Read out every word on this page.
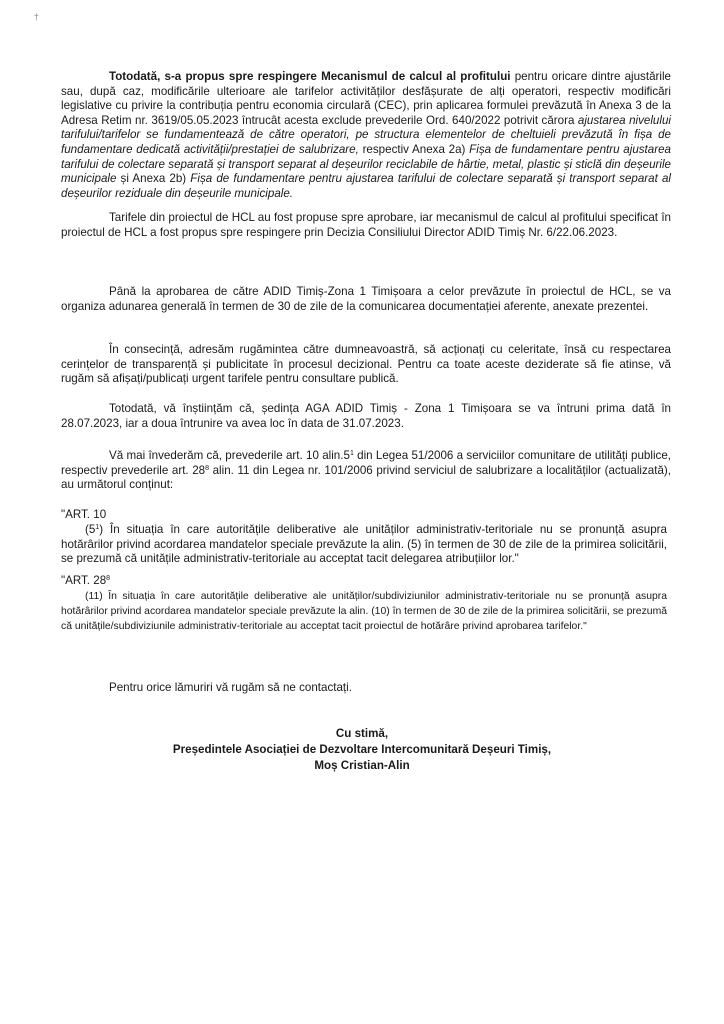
†

Totodată, s-a propus spre respingere Mecanismul de calcul al profitului pentru oricare dintre ajustările sau, după caz, modificările ulterioare ale tarifelor activităților desfășurate de alți operatori, respectiv modificări legislative cu privire la contribuția pentru economia circulară (CEC), prin aplicarea formulei prevăzută în Anexa 3 de la Adresa Retim nr. 3619/05.05.2023 întrucât acesta exclude prevederile Ord. 640/2022 potrivit cărora ajustarea nivelului tarifului/tarifelor se fundamentează de către operatori, pe structura elementelor de cheltuieli prevăzută în fișa de fundamentare dedicată activității/prestației de salubrizare, respectiv Anexa 2a) Fișa de fundamentare pentru ajustarea tarifului de colectare separată și transport separat al deșeurilor reciclabile de hârtie, metal, plastic și sticlă din deșeurile municipale și Anexa 2b) Fișa de fundamentare pentru ajustarea tarifului de colectare separată și transport separat al deșeurilor reziduale din deșeurile municipale.

Tarifele din proiectul de HCL au fost propuse spre aprobare, iar mecanismul de calcul al profitului specificat în proiectul de HCL a fost propus spre respingere prin Decizia Consiliului Director ADID Timiș Nr. 6/22.06.2023.

Până la aprobarea de către ADID Timiș-Zona 1 Timișoara a celor prevăzute în proiectul de HCL, se va organiza adunarea generală în termen de 30 de zile de la comunicarea documentației aferente, anexate prezentei.

În consecință, adresăm rugămintea către dumneavoastră, să acționați cu celeritate, însă cu respectarea cerințelor de transparență și publicitate în procesul decizional. Pentru ca toate aceste deziderate să fie atinse, vă rugăm să afișați/publicați urgent tarifele pentru consultare publică.

Totodată, vă înștiințăm că, ședința AGA ADID Timiș - Zona 1 Timișoara se va întruni prima dată în 28.07.2023, iar a doua întrunire va avea loc în data de 31.07.2023.

Vă mai învederăm că, prevederile art. 10 $alin.5^1$ din Legea 51/2006 a serviciilor comunitare de utilități publice, respectiv prevederile art. $28^8$ alin. 11 din Legea nr. 101/2006 privind serviciul de salubrizare a localităților (actualizată), au următorul conținut:

"ART. 10

$(5^1)$ În situația în care autoritățile deliberative ale unităților administrativ-teritoriale nu se pronunță asupra hotărârilor privind acordarea mandatelor speciale prevăzute la alin. (5) în termen de 30 de zile de la primirea solicitării, se prezumă că unitățile administrativ-teritoriale au acceptat tacit delegarea atribuțiilor lor."

"ART. $28^8$

(11) În situația în care autoritățile deliberative ale unităților/subdiviziunilor administrativ-teritoriale nu se pronunță asupra hotărârilor privind acordarea mandatelor speciale prevăzute la alin. (10) în termen de 30 de zile de la primirea solicitării, se prezumă că unitățile/subdiviziunile administrativ-teritoriale au acceptat tacit proiectul de hotărâre privind aprobarea tarifelor."

Pentru orice lămuriri vă rugăm să ne contactați.

Cu stimă,

Președintele Asociației de Dezvoltare Intercomunitară Deșeuri Timiș,

Moș Cristian-Alin
